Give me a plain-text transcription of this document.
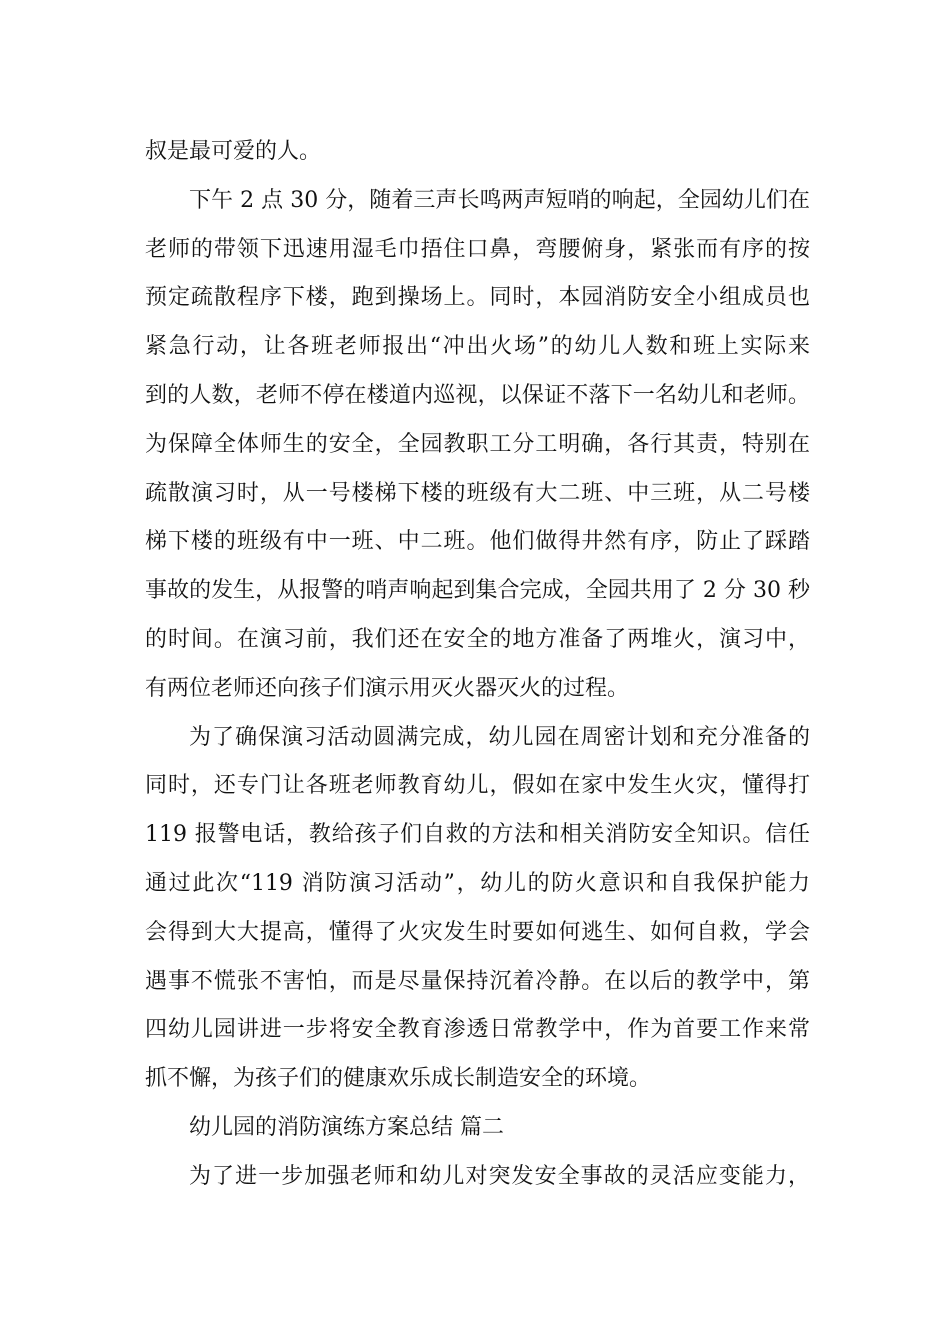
叔是最可爱的人。
下午 2 点 30 分，随着三声长鸣两声短哨的响起，全园幼儿们在
老师的带领下迅速用湿毛巾捂住口鼻，弯腰俯身，紧张而有序的按
预定疏散程序下楼，跑到操场上。同时，本园消防安全小组成员也
紧急行动，让各班老师报出“冲出火场”的幼儿人数和班上实际来
到的人数，老师不停在楼道内巡视，以保证不落下一名幼儿和老师。
为保障全体师生的安全，全园教职工分工明确，各行其责，特别在
疏散演习时，从一号楼梯下楼的班级有大二班、中三班，从二号楼
梯下楼的班级有中一班、中二班。他们做得井然有序，防止了踩踏
事故的发生，从报警的哨声响起到集合完成，全园共用了 2 分 30 秒
的时间。在演习前，我们还在安全的地方准备了两堆火，演习中，
有两位老师还向孩子们演示用灭火器灭火的过程。
为了确保演习活动圆满完成，幼儿园在周密计划和充分准备的
同时，还专门让各班老师教育幼儿，假如在家中发生火灾，懂得打
119 报警电话，教给孩子们自救的方法和相关消防安全知识。信任
通过此次“119 消防演习活动”，幼儿的防火意识和自我保护能力
会得到大大提高，懂得了火灾发生时要如何逃生、如何自救，学会
遇事不慌张不害怕，而是尽量保持沉着冷静。在以后的教学中，第
四幼儿园讲进一步将安全教育渗透日常教学中，作为首要工作来常
抓不懈，为孩子们的健康欢乐成长制造安全的环境。
幼儿园的消防演练方案总结 篇二
为了进一步加强老师和幼儿对突发安全事故的灵活应变能力，
